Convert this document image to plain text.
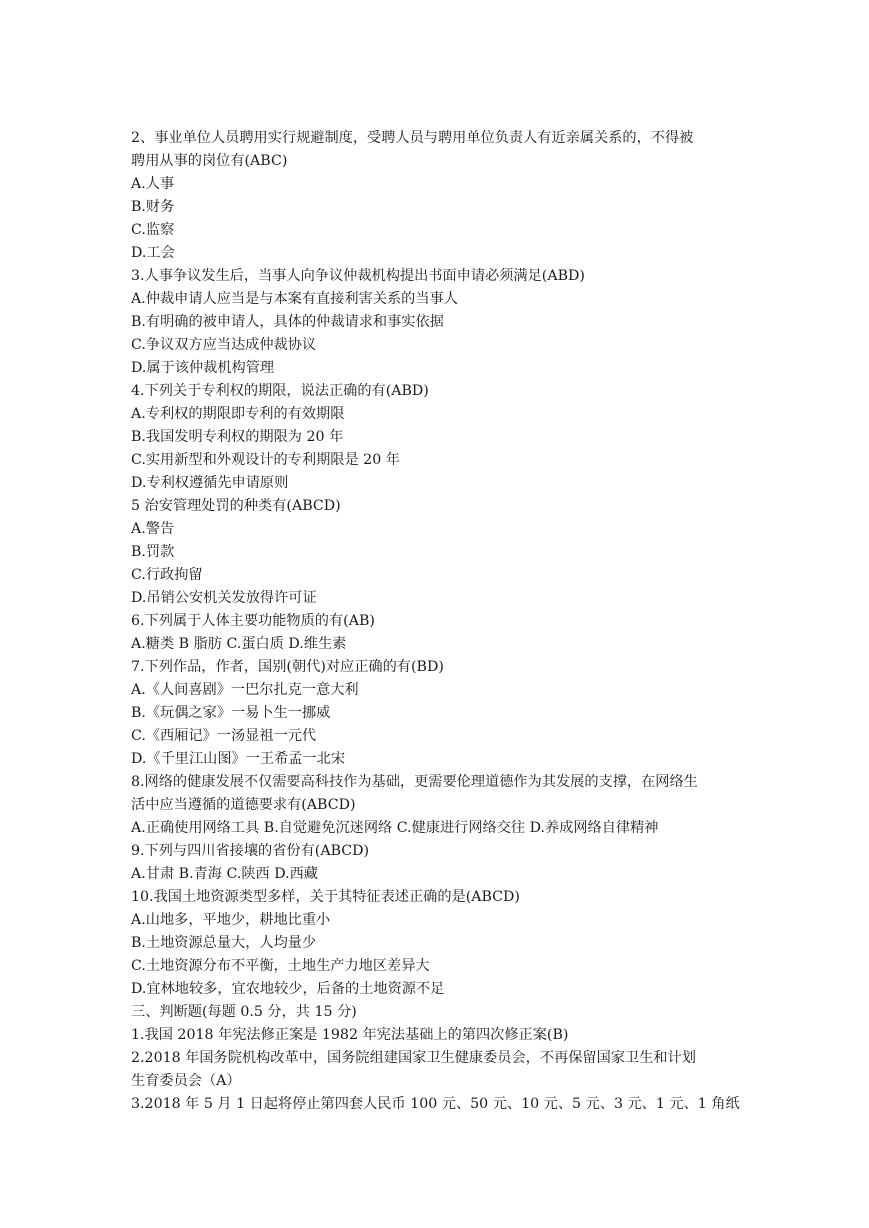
2、事业单位人员聘用实行规避制度，受聘人员与聘用单位负责人有近亲属关系的，不得被
聘用从事的岗位有(ABC)
A.人事
B.财务
C.监察
D.工会
3.人事争议发生后，当事人向争议仲裁机构提出书面申请必须满足(ABD)
A.仲裁申请人应当是与本案有直接利害关系的当事人
B.有明确的被申请人，具体的仲裁请求和事实依据
C.争议双方应当达成仲裁协议
D.属于该仲裁机构管理
4.下列关于专利权的期限，说法正确的有(ABD)
A.专利权的期限即专利的有效期限
B.我国发明专利权的期限为 20 年
C.实用新型和外观设计的专利期限是 20 年
D.专利权遵循先申请原则
5 治安管理处罚的种类有(ABCD)
A.警告
B.罚款
C.行政拘留
D.吊销公安机关发放得许可证
6.下列属于人体主要功能物质的有(AB)
A.糖类 B 脂肪 C.蛋白质 D.维生素
7.下列作品，作者，国别(朝代)对应正确的有(BD)
A.《人间喜剧》一巴尔扎克一意大利
B.《玩偶之家》一易卜生一挪威
C.《西厢记》一汤显祖一元代
D.《千里江山图》一王希孟一北宋
8.网络的健康发展不仅需要高科技作为基础，更需要伦理道德作为其发展的支撑，在网络生
活中应当遵循的道德要求有(ABCD)
A.正确使用网络工具 B.自觉避免沉迷网络 C.健康进行网络交往 D.养成网络自律精神
9.下列与四川省接壤的省份有(ABCD)
A.甘肃 B.青海 C.陕西 D.西藏
10.我国土地资源类型多样，关于其特征表述正确的是(ABCD)
A.山地多，平地少，耕地比重小
B.土地资源总量大，人均量少
C.土地资源分布不平衡，土地生产力地区差异大
D.宜林地较多，宜农地较少，后备的土地资源不足
三、判断题(每题 0.5 分，共 15 分)
1.我国 2018 年宪法修正案是 1982 年宪法基础上的第四次修正案(B)
2.2018 年国务院机构改革中，国务院组建国家卫生健康委员会，不再保留国家卫生和计划
生育委员会（A）
3.2018 年 5 月 1 日起将停止第四套人民币 100 元、50 元、10 元、5 元、3 元、1 元、1 角纸
